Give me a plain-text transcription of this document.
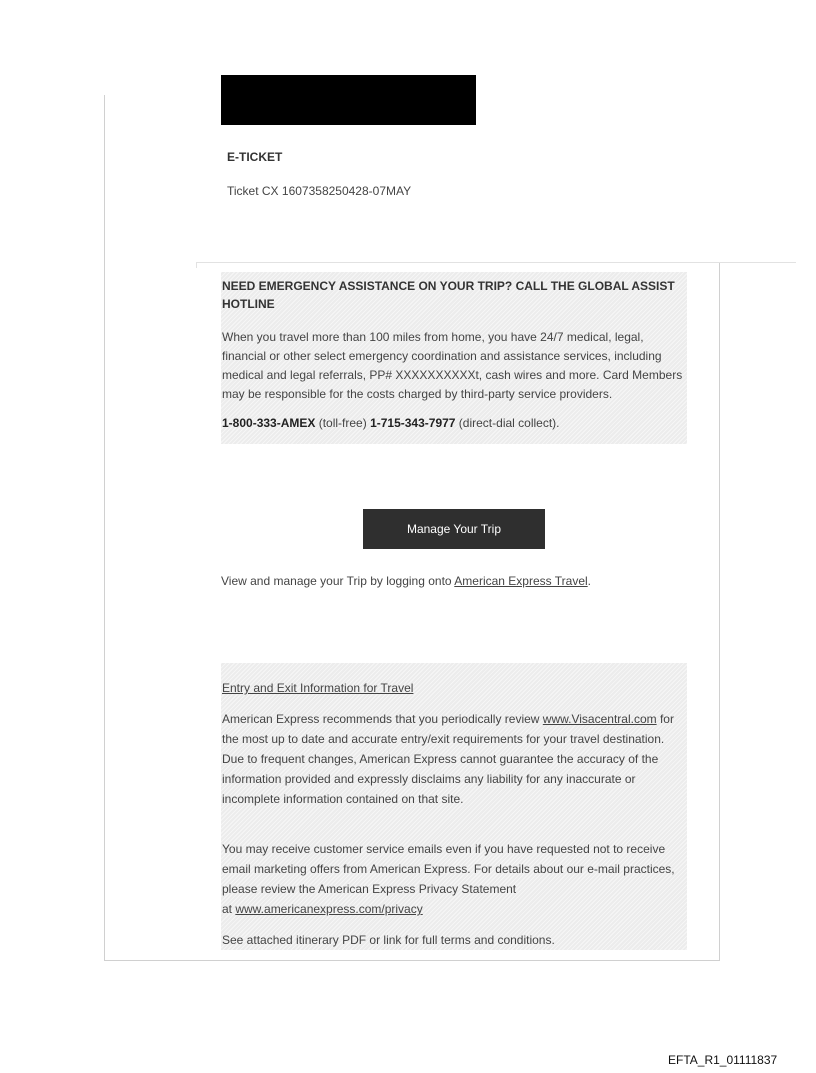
E-TICKET
Ticket CX 1607358250428-07MAY
NEED EMERGENCY ASSISTANCE ON YOUR TRIP? CALL THE GLOBAL ASSIST HOTLINE
When you travel more than 100 miles from home, you have 24/7 medical, legal, financial or other select emergency coordination and assistance services, including medical and legal referrals, PP# XXXXXXXXXXt, cash wires and more. Card Members may be responsible for the costs charged by third-party service providers.
1-800-333-AMEX (toll-free) 1-715-343-7977 (direct-dial collect).
Manage Your Trip
View and manage your Trip by logging onto American Express Travel.
Entry and Exit Information for Travel
American Express recommends that you periodically review www.Visacentral.com for the most up to date and accurate entry/exit requirements for your travel destination. Due to frequent changes, American Express cannot guarantee the accuracy of the information provided and expressly disclaims any liability for any inaccurate or incomplete information contained on that site.
You may receive customer service emails even if you have requested not to receive email marketing offers from American Express. For details about our e-mail practices, please review the American Express Privacy Statement
at www.americanexpress.com/privacy
See attached itinerary PDF or link for full terms and conditions.
EFTA_R1_01111837
